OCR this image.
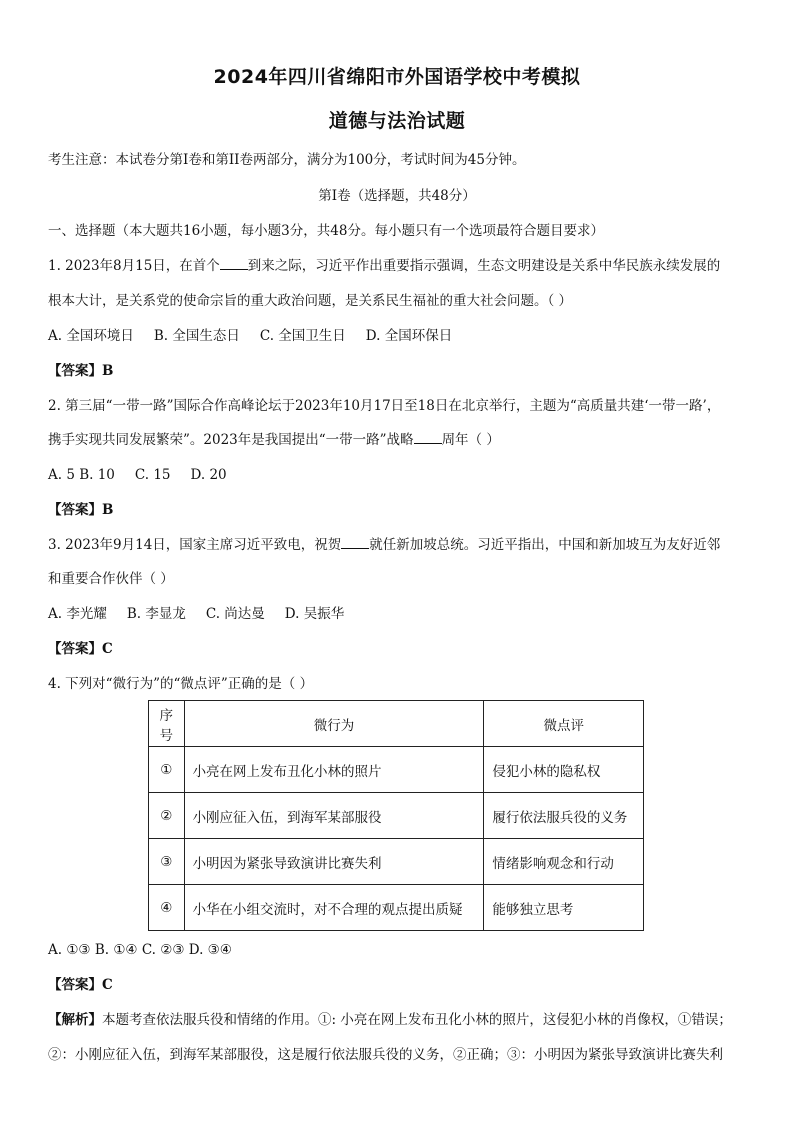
2024年四川省绵阳市外国语学校中考模拟
道德与法治试题
考生注意：本试卷分第I卷和第II卷两部分，满分为100分，考试时间为45分钟。
第I卷（选择题，共48分）
一、选择题（本大题共16小题，每小题3分，共48分。每小题只有一个选项最符合题目要求）
1. 2023年8月15日，在首个 到来之际，习近平作出重要指示强调，生态文明建设是关系中华民族永续发展的
根本大计，是关系党的使命宗旨的重大政治问题，是关系民生福祉的重大社会问题。（ ）
A. 全国环境日 B. 全国生态日 C. 全国卫生日 D. 全国环保日
【答案】B
2. 第三届“一带一路”国际合作高峰论坛于2023年10月17日至18日在北京举行，主题为“高质量共建‘一带一路’，
携手实现共同发展繁荣”。2023年是我国提出“一带一路”战略 周年（ ）
A. 5 B. 10 C. 15 D. 20
【答案】B
3. 2023年9月14日，国家主席习近平致电，祝贺 就任新加坡总统。习近平指出，中国和新加坡互为友好近邻
和重要合作伙伴（ ）
A. 李光耀 B. 李显龙 C. 尚达曼 D. 吴振华
【答案】C
4. 下列对“微行为”的“微点评”正确的是（ ）
序号	微行为	微点评
①	小亮在网上发布丑化小林的照片	侵犯小林的隐私权
②	小刚应征入伍，到海军某部服役	履行依法服兵役的义务
③	小明因为紧张导致演讲比赛失利	情绪影响观念和行动
④	小华在小组交流时，对不合理的观点提出质疑	能够独立思考
A. ①③ B. ①④ C. ②③ D. ③④
【答案】C
【解析】本题考查依法服兵役和情绪的作用。①: 小亮在网上发布丑化小林的照片，这侵犯小林的肖像权，①错误；
②：小刚应征入伍，到海军某部服役，这是履行依法服兵役的义务，②正确；③：小明因为紧张导致演讲比赛失利
